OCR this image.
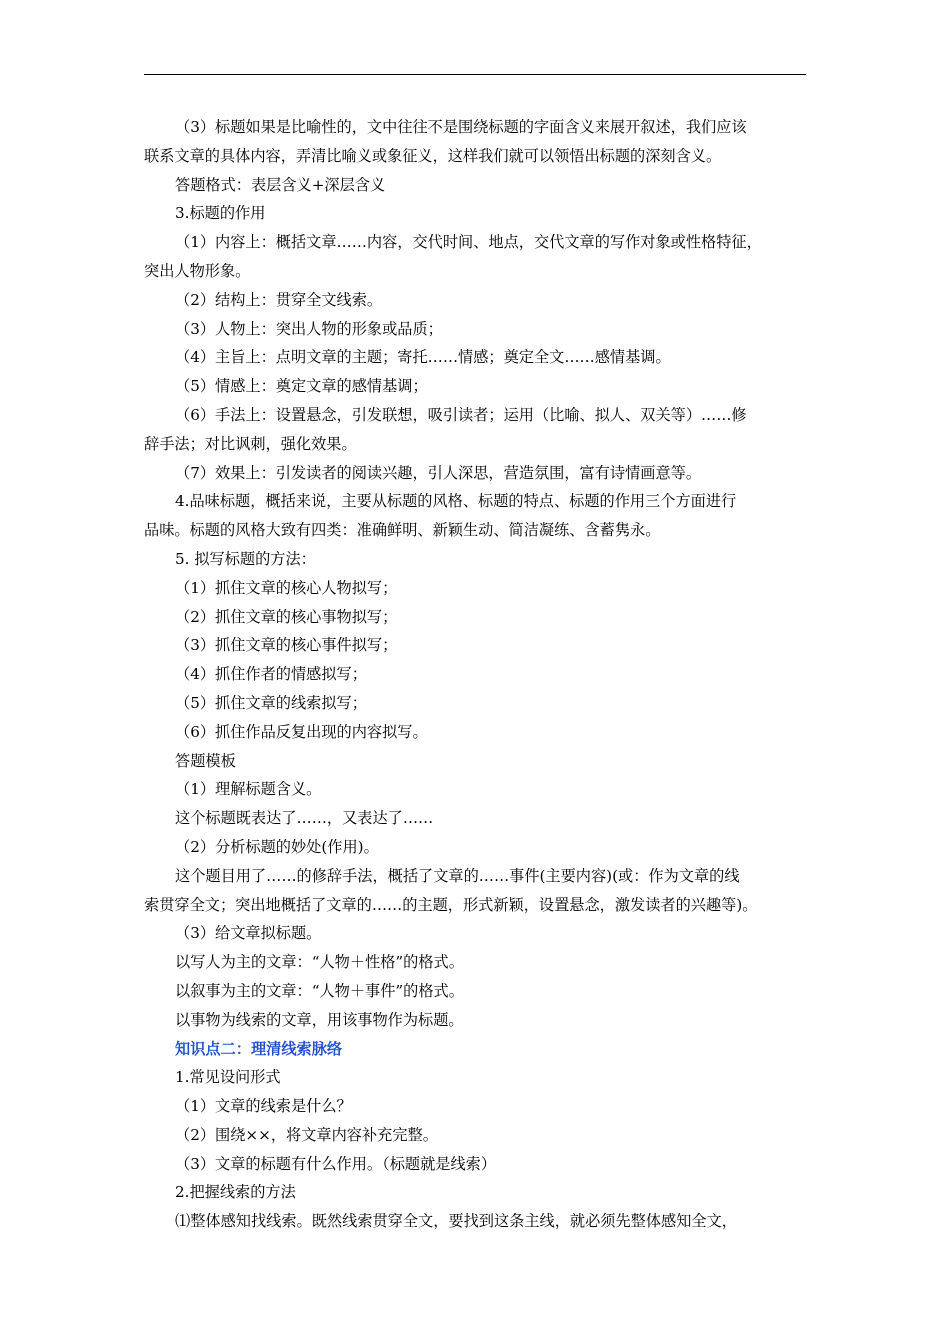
（3）标题如果是比喻性的，文中往往不是围绕标题的字面含义来展开叙述，我们应该
联系文章的具体内容，弄清比喻义或象征义，这样我们就可以领悟出标题的深刻含义。
答题格式：表层含义+深层含义
3.标题的作用
（1）内容上：概括文章……内容，交代时间、地点，交代文章的写作对象或性格特征，
突出人物形象。
（2）结构上：贯穿全文线索。
（3）人物上：突出人物的形象或品质；
（4）主旨上：点明文章的主题；寄托……情感；奠定全文……感情基调。
（5）情感上：奠定文章的感情基调；
（6）手法上：设置悬念，引发联想，吸引读者；运用（比喻、拟人、双关等）……修
辞手法；对比讽刺，强化效果。
（7）效果上：引发读者的阅读兴趣，引人深思，营造氛围，富有诗情画意等。
4.品味标题，概括来说，主要从标题的风格、标题的特点、标题的作用三个方面进行
品味。标题的风格大致有四类：准确鲜明、新颖生动、简洁凝练、含蓄隽永。
5. 拟写标题的方法：
（1）抓住文章的核心人物拟写；
（2）抓住文章的核心事物拟写；
（3）抓住文章的核心事件拟写；
（4）抓住作者的情感拟写；
（5）抓住文章的线索拟写；
（6）抓住作品反复出现的内容拟写。
答题模板
（1）理解标题含义。
这个标题既表达了……，又表达了……
（2）分析标题的妙处(作用)。
这个题目用了……的修辞手法，概括了文章的……事件(主要内容)(或：作为文章的线
索贯穿全文；突出地概括了文章的……的主题，形式新颖，设置悬念，激发读者的兴趣等)。
（3）给文章拟标题。
以写人为主的文章：“人物＋性格”的格式。
以叙事为主的文章：“人物＋事件”的格式。
以事物为线索的文章，用该事物作为标题。
知识点二：理清线索脉络
1.常见设问形式
（1）文章的线索是什么？
（2）围绕××，将文章内容补充完整。
（3）文章的标题有什么作用。（标题就是线索）
2.把握线索的方法
⑴整体感知找线索。既然线索贯穿全文，要找到这条主线，就必须先整体感知全文，
